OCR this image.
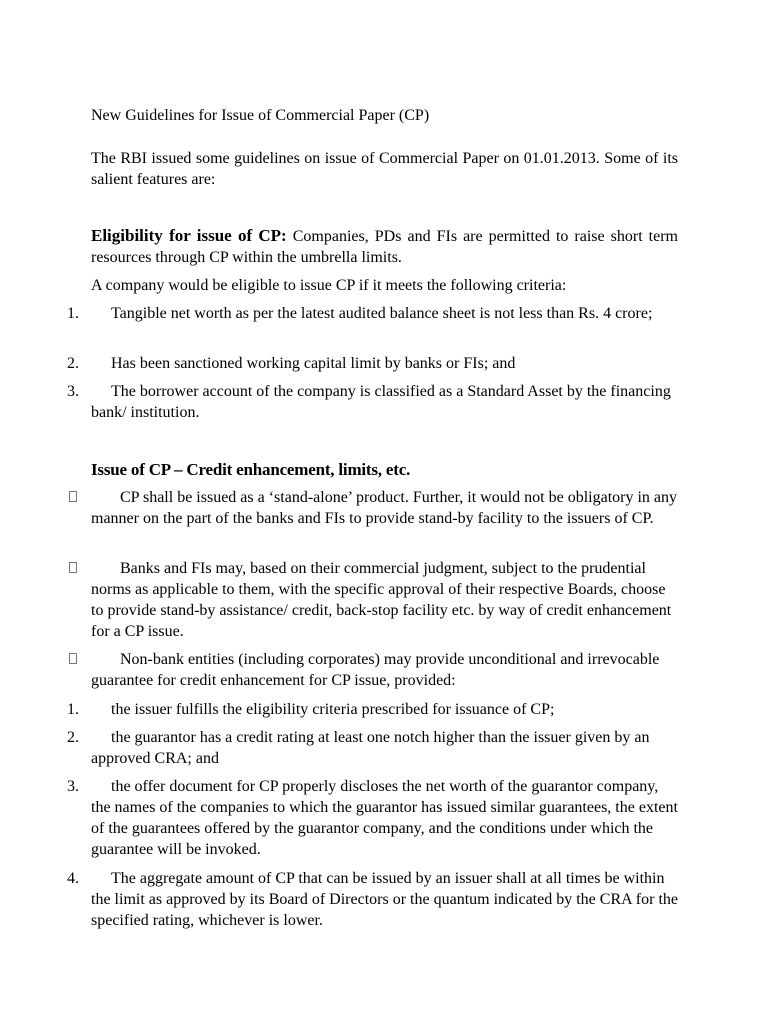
New Guidelines for Issue of Commercial Paper (CP)

The RBI issued some guidelines on issue of Commercial Paper on 01.01.2013. Some of its salient features are:

Eligibility for issue of CP: Companies, PDs and FIs are permitted to raise short term resources through CP within the umbrella limits.

A company would be eligible to issue CP if it meets the following criteria:

1.	Tangible net worth as per the latest audited balance sheet is not less than Rs. 4 crore;
2.	Has been sanctioned working capital limit by banks or FIs; and
3.	The borrower account of the company is classified as a Standard Asset by the financing bank/ institution.

Issue of CP – Credit enhancement, limits, etc.

CP shall be issued as a ‘stand-alone’ product. Further, it would not be obligatory in any manner on the part of the banks and FIs to provide stand-by facility to the issuers of CP.
Banks and FIs may, based on their commercial judgment, subject to the prudential norms as applicable to them, with the specific approval of their respective Boards, choose to provide stand-by assistance/ credit, back-stop facility etc. by way of credit enhancement for a CP issue.
Non-bank entities (including corporates) may provide unconditional and irrevocable guarantee for credit enhancement for CP issue, provided:
1.	the issuer fulfills the eligibility criteria prescribed for issuance of CP;
2.	the guarantor has a credit rating at least one notch higher than the issuer given by an approved CRA; and
3.	the offer document for CP properly discloses the net worth of the guarantor company, the names of the companies to which the guarantor has issued similar guarantees, the extent of the guarantees offered by the guarantor company, and the conditions under which the guarantee will be invoked.
4.	The aggregate amount of CP that can be issued by an issuer shall at all times be within the limit as approved by its Board of Directors or the quantum indicated by the CRA for the specified rating, whichever is lower.
